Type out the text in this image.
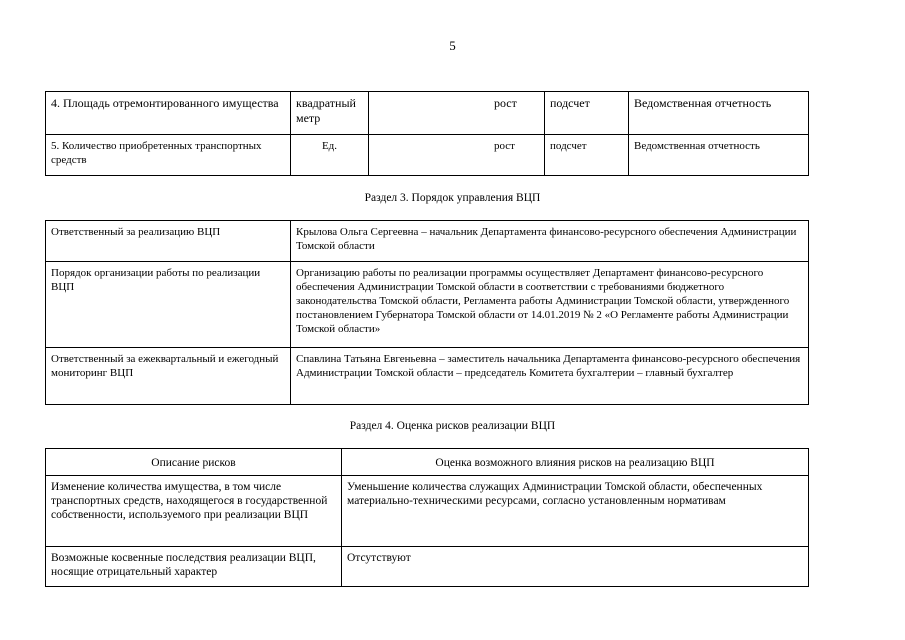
5
4. Площадь отремонтированного имущества	квадратный метр	рост	подсчет	Ведомственная отчетность
5. Количество приобретенных транспортных средств	Ед.	рост	подсчет	Ведомственная отчетность
Раздел 3. Порядок управления ВЦП
Ответственный за реализацию ВЦП	Крылова Ольга Сергеевна – начальник Департамента финансово-ресурсного обеспечения Администрации Томской области
Порядок организации работы по реализации ВЦП	Организацию работы по реализации программы осуществляет Департамент финансово-ресурсного обеспечения Администрации Томской области в соответствии с требованиями бюджетного законодательства Томской области, Регламента работы Администрации Томской области, утвержденного постановлением Губернатора Томской области от 14.01.2019 № 2 «О Регламенте работы Администрации Томской области»
Ответственный за ежеквартальный и ежегодный мониторинг ВЦП	Спавлина Татьяна Евгеньевна – заместитель начальника Департамента финансово-ресурсного обеспечения Администрации Томской области – председатель Комитета бухгалтерии – главный бухгалтер
Раздел 4. Оценка рисков реализации ВЦП
Описание рисков	Оценка возможного влияния рисков на реализацию ВЦП
Изменение количества имущества, в том числе транспортных средств, находящегося в государственной собственности, используемого при реализации ВЦП	Уменьшение количества служащих Администрации Томской области, обеспеченных материально-техническими ресурсами, согласно установленным нормативам
Возможные косвенные последствия реализации ВЦП, носящие отрицательный характер	Отсутствуют
